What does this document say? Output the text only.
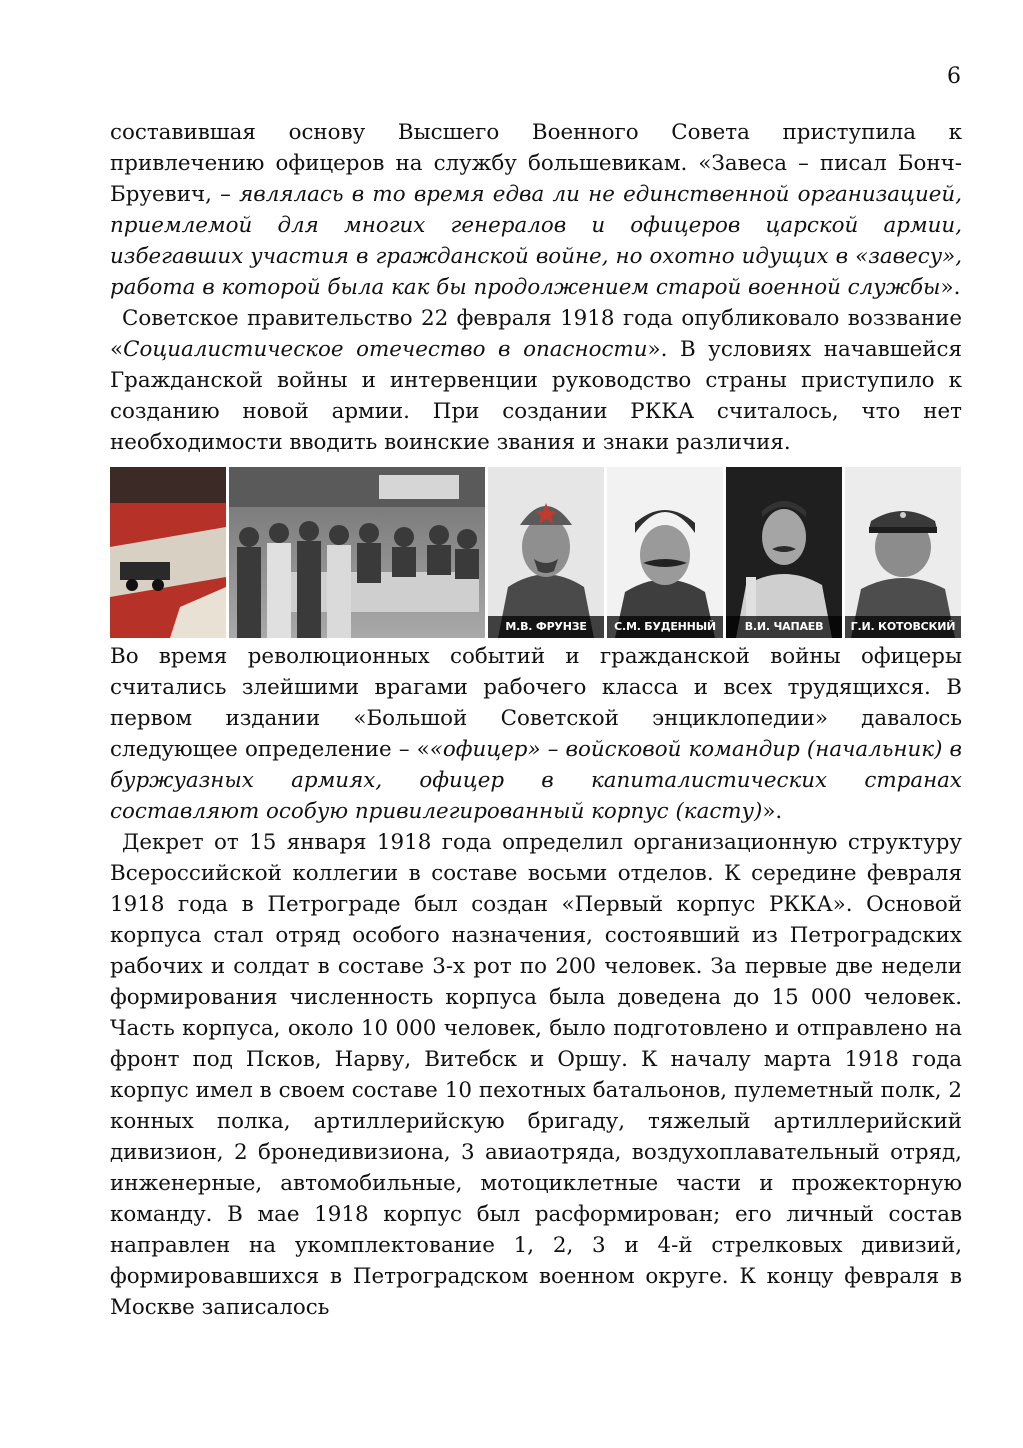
6

составившая основу Высшего Военного Совета приступила к привлечению офицеров на службу большевикам. «Завеса – писал Бонч-Бруевич, – являлась в то время едва ли не единственной организацией, приемлемой для многих генералов и офицеров царской армии, избегавших участия в гражданской войне, но охотно идущих в «завесу», работа в которой была как бы продолжением старой военной службы».

Советское правительство 22 февраля 1918 года опубликовало воззвание «Социалистическое отечество в опасности». В условиях начавшейся Гражданской войны и интервенции руководство страны приступило к созданию новой армии. При создании РККА считалось, что нет необходимости вводить воинские звания и знаки различия.

М.В. ФРУНЗЕ	С.М. БУДЕННЫЙ	В.И. ЧАПАЕВ	Г.И. КОТОВСКИЙ

Во время революционных событий и гражданской войны офицеры считались злейшими врагами рабочего класса и всех трудящихся. В первом издании «Большой Советской энциклопедии» давалось следующее определение – ««офицер» – войсковой командир (начальник) в буржуазных армиях, офицер в капиталистических странах составляют особую привилегированный корпус (касту)».

Декрет от 15 января 1918 года определил организационную структуру Всероссийской коллегии в составе восьми отделов. К середине февраля 1918 года в Петрограде был создан «Первый корпус РККА». Основой корпуса стал отряд особого назначения, состоявший из Петроградских рабочих и солдат в составе 3-х рот по 200 человек. За первые две недели формирования численность корпуса была доведена до 15 000 человек. Часть корпуса, около 10 000 человек, было подготовлено и отправлено на фронт под Псков, Нарву, Витебск и Оршу. К началу марта 1918 года корпус имел в своем составе 10 пехотных батальонов, пулеметный полк, 2 конных полка, артиллерийскую бригаду, тяжелый артиллерийский дивизион, 2 бронедивизиона, 3 авиаотряда, воздухоплавательный отряд, инженерные, автомобильные, мотоциклетные части и прожекторную команду. В мае 1918 корпус был расформирован; его личный состав направлен на укомплектование 1, 2, 3 и 4-й стрелковых дивизий, формировавшихся в Петроградском военном округе. К концу февраля в Москве записалось
